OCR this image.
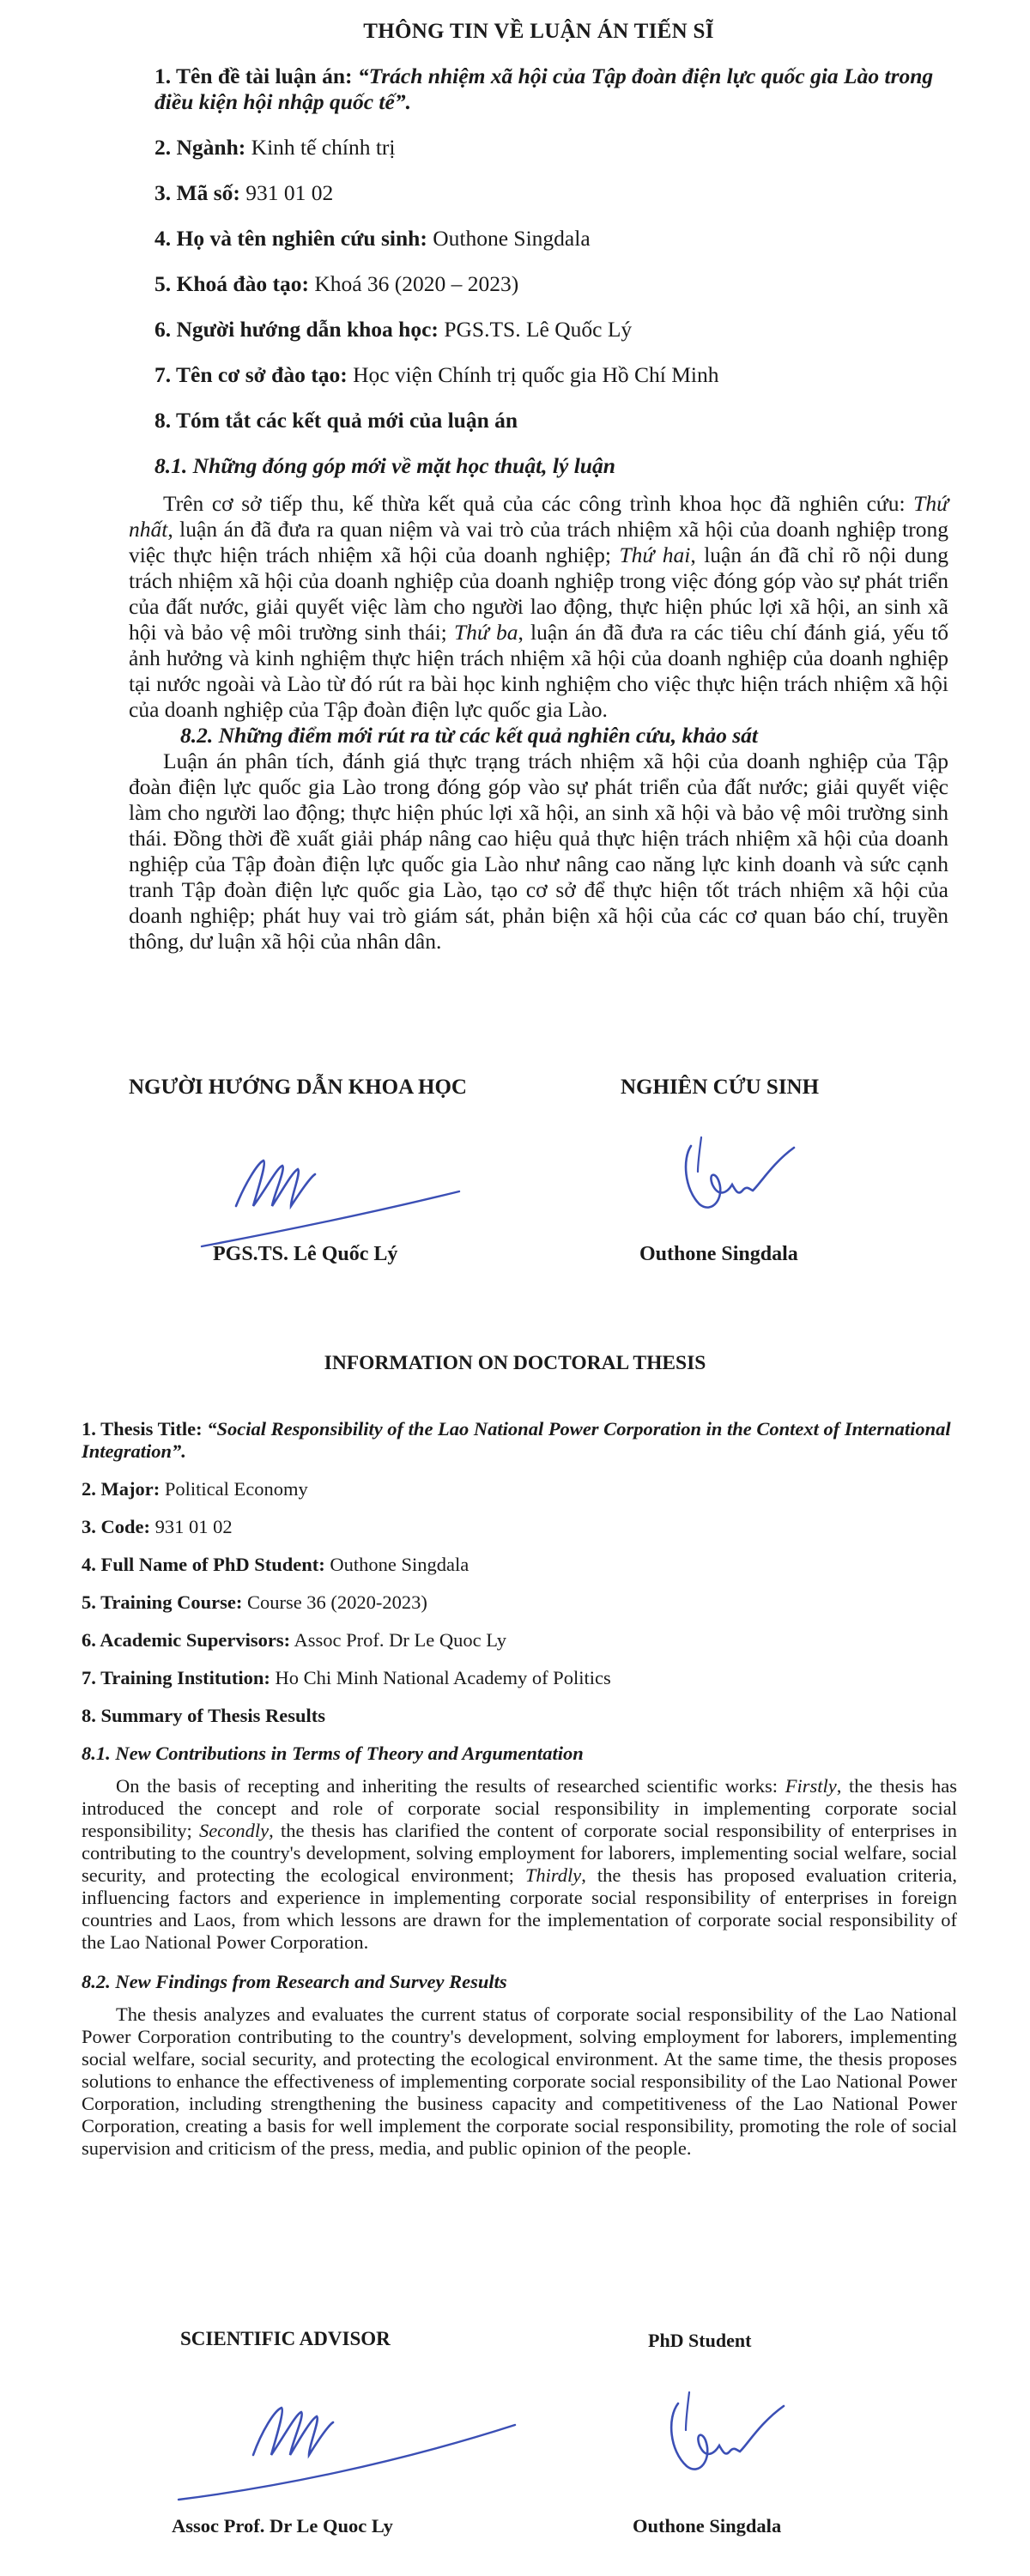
THÔNG TIN VỀ LUẬN ÁN TIẾN SĨ
1. Tên đề tài luận án: “Trách nhiệm xã hội của Tập đoàn điện lực quốc gia Lào trong điều kiện hội nhập quốc tế”.
2. Ngành: Kinh tế chính trị
3. Mã số: 931 01 02
4. Họ và tên nghiên cứu sinh: Outhone Singdala
5. Khoá đào tạo: Khoá 36 (2020 – 2023)
6. Người hướng dẫn khoa học: PGS.TS. Lê Quốc Lý
7. Tên cơ sở đào tạo: Học viện Chính trị quốc gia Hồ Chí Minh
8. Tóm tắt các kết quả mới của luận án
8.1. Những đóng góp mới về mặt học thuật, lý luận

Trên cơ sở tiếp thu, kế thừa kết quả của các công trình khoa học đã nghiên cứu: Thứ nhất, luận án đã đưa ra quan niệm và vai trò của trách nhiệm xã hội của doanh nghiệp trong việc thực hiện trách nhiệm xã hội của doanh nghiệp; Thứ hai, luận án đã chỉ rõ nội dung trách nhiệm xã hội của doanh nghiệp của doanh nghiệp trong việc đóng góp vào sự phát triển của đất nước, giải quyết việc làm cho người lao động, thực hiện phúc lợi xã hội, an sinh xã hội và bảo vệ môi trường sinh thái; Thứ ba, luận án đã đưa ra các tiêu chí đánh giá, yếu tố ảnh hưởng và kinh nghiệm thực hiện trách nhiệm xã hội của doanh nghiệp của doanh nghiệp tại nước ngoài và Lào từ đó rút ra bài học kinh nghiệm cho việc thực hiện trách nhiệm xã hội của doanh nghiệp của Tập đoàn điện lực quốc gia Lào.

8.2. Những điểm mới rút ra từ các kết quả nghiên cứu, khảo sát

Luận án phân tích, đánh giá thực trạng trách nhiệm xã hội của doanh nghiệp của Tập đoàn điện lực quốc gia Lào trong đóng góp vào sự phát triển của đất nước; giải quyết việc làm cho người lao động; thực hiện phúc lợi xã hội, an sinh xã hội và bảo vệ môi trường sinh thái. Đồng thời đề xuất giải pháp nâng cao hiệu quả thực hiện trách nhiệm xã hội của doanh nghiệp của Tập đoàn điện lực quốc gia Lào như nâng cao năng lực kinh doanh và sức cạnh tranh Tập đoàn điện lực quốc gia Lào, tạo cơ sở để thực hiện tốt trách nhiệm xã hội của doanh nghiệp; phát huy vai trò giám sát, phản biện xã hội của các cơ quan báo chí, truyền thông, dư luận xã hội của nhân dân.

NGƯỜI HƯỚNG DẪN KHOA HỌC	NGHIÊN CỨU SINH
PGS.TS. Lê Quốc Lý	Outhone Singdala
INFORMATION ON DOCTORAL THESIS
1. Thesis Title: “Social Responsibility of the Lao National Power Corporation in the Context of International Integration”.
2. Major: Political Economy
3. Code: 931 01 02
4. Full Name of PhD Student: Outhone Singdala
5. Training Course: Course 36 (2020-2023)
6. Academic Supervisors: Assoc Prof. Dr Le Quoc Ly
7. Training Institution: Ho Chi Minh National Academy of Politics
8. Summary of Thesis Results
8.1. New Contributions in Terms of Theory and Argumentation

On the basis of recepting and inheriting the results of researched scientific works: Firstly, the thesis has introduced the concept and role of corporate social responsibility in implementing corporate social responsibility; Secondly, the thesis has clarified the content of corporate social responsibility of enterprises in contributing to the country's development, solving employment for laborers, implementing social welfare, social security, and protecting the ecological environment; Thirdly, the thesis has proposed evaluation criteria, influencing factors and experience in implementing corporate social responsibility of enterprises in foreign countries and Laos, from which lessons are drawn for the implementation of corporate social responsibility of the Lao National Power Corporation.

8.2. New Findings from Research and Survey Results

The thesis analyzes and evaluates the current status of corporate social responsibility of the Lao National Power Corporation contributing to the country's development, solving employment for laborers, implementing social welfare, social security, and protecting the ecological environment. At the same time, the thesis proposes solutions to enhance the effectiveness of implementing corporate social responsibility of the Lao National Power Corporation, including strengthening the business capacity and competitiveness of the Lao National Power Corporation, creating a basis for well implement the corporate social responsibility, promoting the role of social supervision and criticism of the press, media, and public opinion of the people.

SCIENTIFIC ADVISOR	PhD Student
Assoc Prof. Dr Le Quoc Ly	Outhone Singdala
